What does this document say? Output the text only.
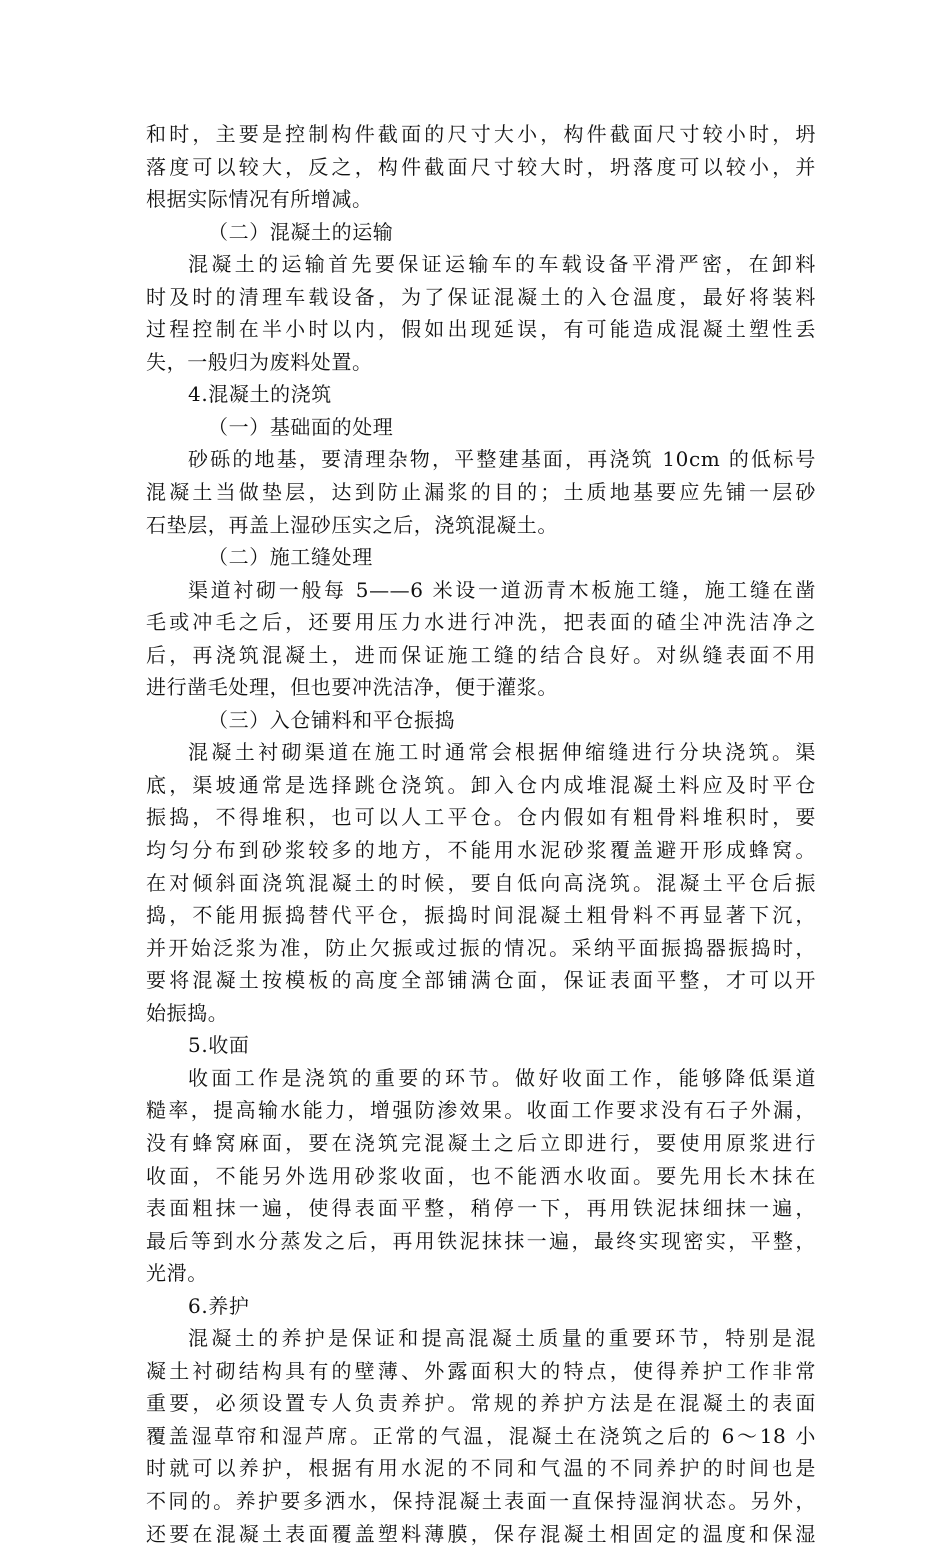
和时，主要是控制构件截面的尺寸大小，构件截面尺寸较小时，坍
落度可以较大，反之，构件截面尺寸较大时，坍落度可以较小，并
根据实际情况有所增减。
（二）混凝土的运输
混凝土的运输首先要保证运输车的车载设备平滑严密，在卸料
时及时的清理车载设备，为了保证混凝土的入仓温度，最好将装料
过程控制在半小时以内，假如出现延误，有可能造成混凝土塑性丢
失，一般归为废料处置。
4.混凝土的浇筑
（一）基础面的处理
砂砾的地基，要清理杂物，平整建基面，再浇筑 10cm 的低标号
混凝土当做垫层，达到防止漏浆的目的；土质地基要应先铺一层砂
石垫层，再盖上湿砂压实之后，浇筑混凝土。
（二）施工缝处理
渠道衬砌一般每 5——6 米设一道沥青木板施工缝，施工缝在凿
毛或冲毛之后，还要用压力水进行冲洗，把表面的碴尘冲洗洁净之
后，再浇筑混凝土，进而保证施工缝的结合良好。对纵缝表面不用
进行凿毛处理，但也要冲洗洁净，便于灌浆。
（三）入仓铺料和平仓振捣
混凝土衬砌渠道在施工时通常会根据伸缩缝进行分块浇筑。渠
底，渠坡通常是选择跳仓浇筑。卸入仓内成堆混凝土料应及时平仓
振捣，不得堆积，也可以人工平仓。仓内假如有粗骨料堆积时，要
均匀分布到砂浆较多的地方，不能用水泥砂浆覆盖避开形成蜂窝。
在对倾斜面浇筑混凝土的时候，要自低向高浇筑。混凝土平仓后振
捣，不能用振捣替代平仓，振捣时间混凝土粗骨料不再显著下沉，
并开始泛浆为准，防止欠振或过振的情况。采纳平面振捣器振捣时，
要将混凝土按模板的高度全部铺满仓面，保证表面平整，才可以开
始振捣。
5.收面
收面工作是浇筑的重要的环节。做好收面工作，能够降低渠道
糙率，提高输水能力，增强防渗效果。收面工作要求没有石子外漏，
没有蜂窝麻面，要在浇筑完混凝土之后立即进行，要使用原浆进行
收面，不能另外选用砂浆收面，也不能洒水收面。要先用长木抹在
表面粗抹一遍，使得表面平整，稍停一下，再用铁泥抹细抹一遍，
最后等到水分蒸发之后，再用铁泥抹抹一遍，最终实现密实，平整，
光滑。
6.养护
混凝土的养护是保证和提高混凝土质量的重要环节，特别是混
凝土衬砌结构具有的壁薄、外露面积大的特点，使得养护工作非常
重要，必须设置专人负责养护。常规的养护方法是在混凝土的表面
覆盖湿草帘和湿芦席。正常的气温，混凝土在浇筑之后的 6～18 小
时就可以养护，根据有用水泥的不同和气温的不同养护的时间也是
不同的。养护要多洒水，保持混凝土表面一直保持湿润状态。另外，
还要在混凝土表面覆盖塑料薄膜，保存混凝土相固定的温度和保湿
